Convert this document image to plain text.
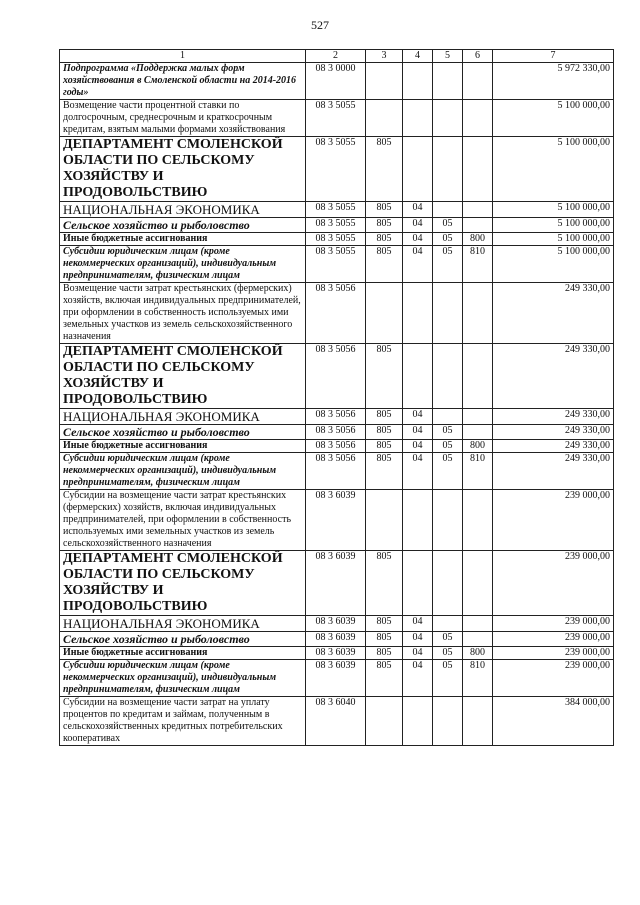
527
1	2	3	4	5	6	7
Подпрограмма «Поддержка малых форм хозяйствования в Смоленской области на 2014-2016 годы»	08 3 0000					5 972 330,00
Возмещение части процентной ставки по долгосрочным, среднесрочным и краткосрочным кредитам, взятым малыми формами хозяйствования	08 3 5055					5 100 000,00
ДЕПАРТАМЕНТ СМОЛЕНСКОЙ ОБЛАСТИ ПО СЕЛЬСКОМУ ХОЗЯЙСТВУ И ПРОДОВОЛЬСТВИЮ	08 3 5055	805				5 100 000,00
НАЦИОНАЛЬНАЯ ЭКОНОМИКА	08 3 5055	805	04			5 100 000,00
Сельское хозяйство и рыболовство	08 3 5055	805	04	05		5 100 000,00
Иные бюджетные ассигнования	08 3 5055	805	04	05	800	5 100 000,00
Субсидии юридическим лицам (кроме некоммерческих организаций), индивидуальным предпринимателям, физическим лицам	08 3 5055	805	04	05	810	5 100 000,00
Возмещение части затрат крестьянских (фермерских) хозяйств, включая индивидуальных предпринимателей, при оформлении в собственность используемых ими земельных участков из земель сельскохозяйственного назначения	08 3 5056					249 330,00
ДЕПАРТАМЕНТ СМОЛЕНСКОЙ ОБЛАСТИ ПО СЕЛЬСКОМУ ХОЗЯЙСТВУ И ПРОДОВОЛЬСТВИЮ	08 3 5056	805				249 330,00
НАЦИОНАЛЬНАЯ ЭКОНОМИКА	08 3 5056	805	04			249 330,00
Сельское хозяйство и рыболовство	08 3 5056	805	04	05		249 330,00
Иные бюджетные ассигнования	08 3 5056	805	04	05	800	249 330,00
Субсидии юридическим лицам (кроме некоммерческих организаций), индивидуальным предпринимателям, физическим лицам	08 3 5056	805	04	05	810	249 330,00
Субсидии на возмещение части затрат крестьянских (фермерских) хозяйств, включая индивидуальных предпринимателей, при оформлении в собственность используемых ими земельных участков из земель сельскохозяйственного назначения	08 3 6039					239 000,00
ДЕПАРТАМЕНТ СМОЛЕНСКОЙ ОБЛАСТИ ПО СЕЛЬСКОМУ ХОЗЯЙСТВУ И ПРОДОВОЛЬСТВИЮ	08 3 6039	805				239 000,00
НАЦИОНАЛЬНАЯ ЭКОНОМИКА	08 3 6039	805	04			239 000,00
Сельское хозяйство и рыболовство	08 3 6039	805	04	05		239 000,00
Иные бюджетные ассигнования	08 3 6039	805	04	05	800	239 000,00
Субсидии юридическим лицам (кроме некоммерческих организаций), индивидуальным предпринимателям, физическим лицам	08 3 6039	805	04	05	810	239 000,00
Субсидии на возмещение части затрат на уплату процентов по кредитам и займам, полученным в сельскохозяйственных кредитных потребительских кооперативах	08 3 6040					384 000,00
